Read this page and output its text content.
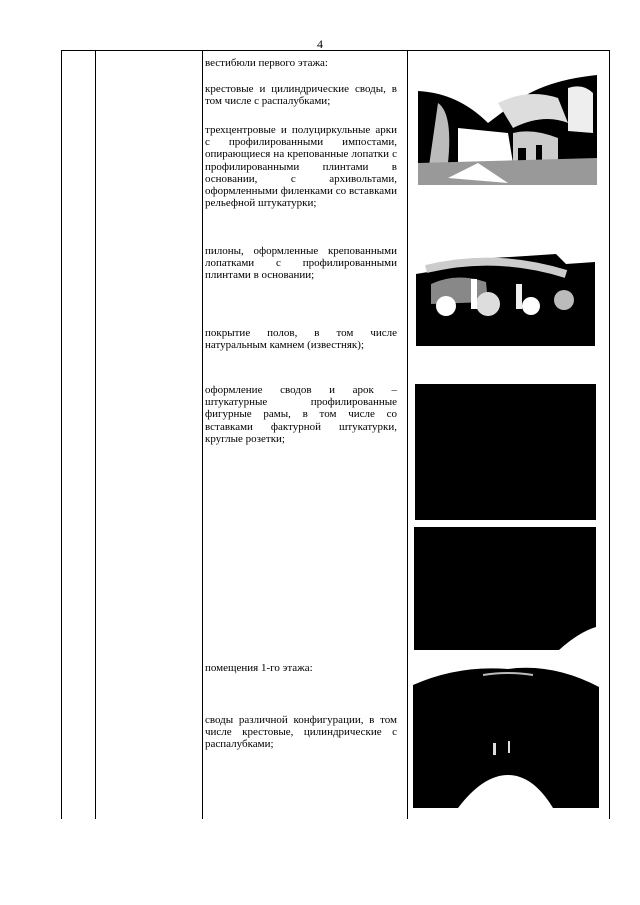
4

вестибюли первого этажа:

крестовые и цилиндрические своды, в том числе с распалубками;

трехцентровые и полуциркульные арки с профилированными импостами, опирающиеся на крепованные лопатки с профилированными плинтами в основании, с архивольтами, оформленными филенками со вставками рельефной штукатурки;

пилоны, оформленные крепованными лопатками с профилированными плинтами в основании;

покрытие полов, в том числе натуральным камнем (известняк);

оформление сводов и арок – штукатурные профилированные фигурные рамы, в том числе со вставками фактурной штукатурки, круглые розетки;

помещения 1-го этажа:

своды различной конфигурации, в том числе крестовые, цилиндрические с распалубками;
